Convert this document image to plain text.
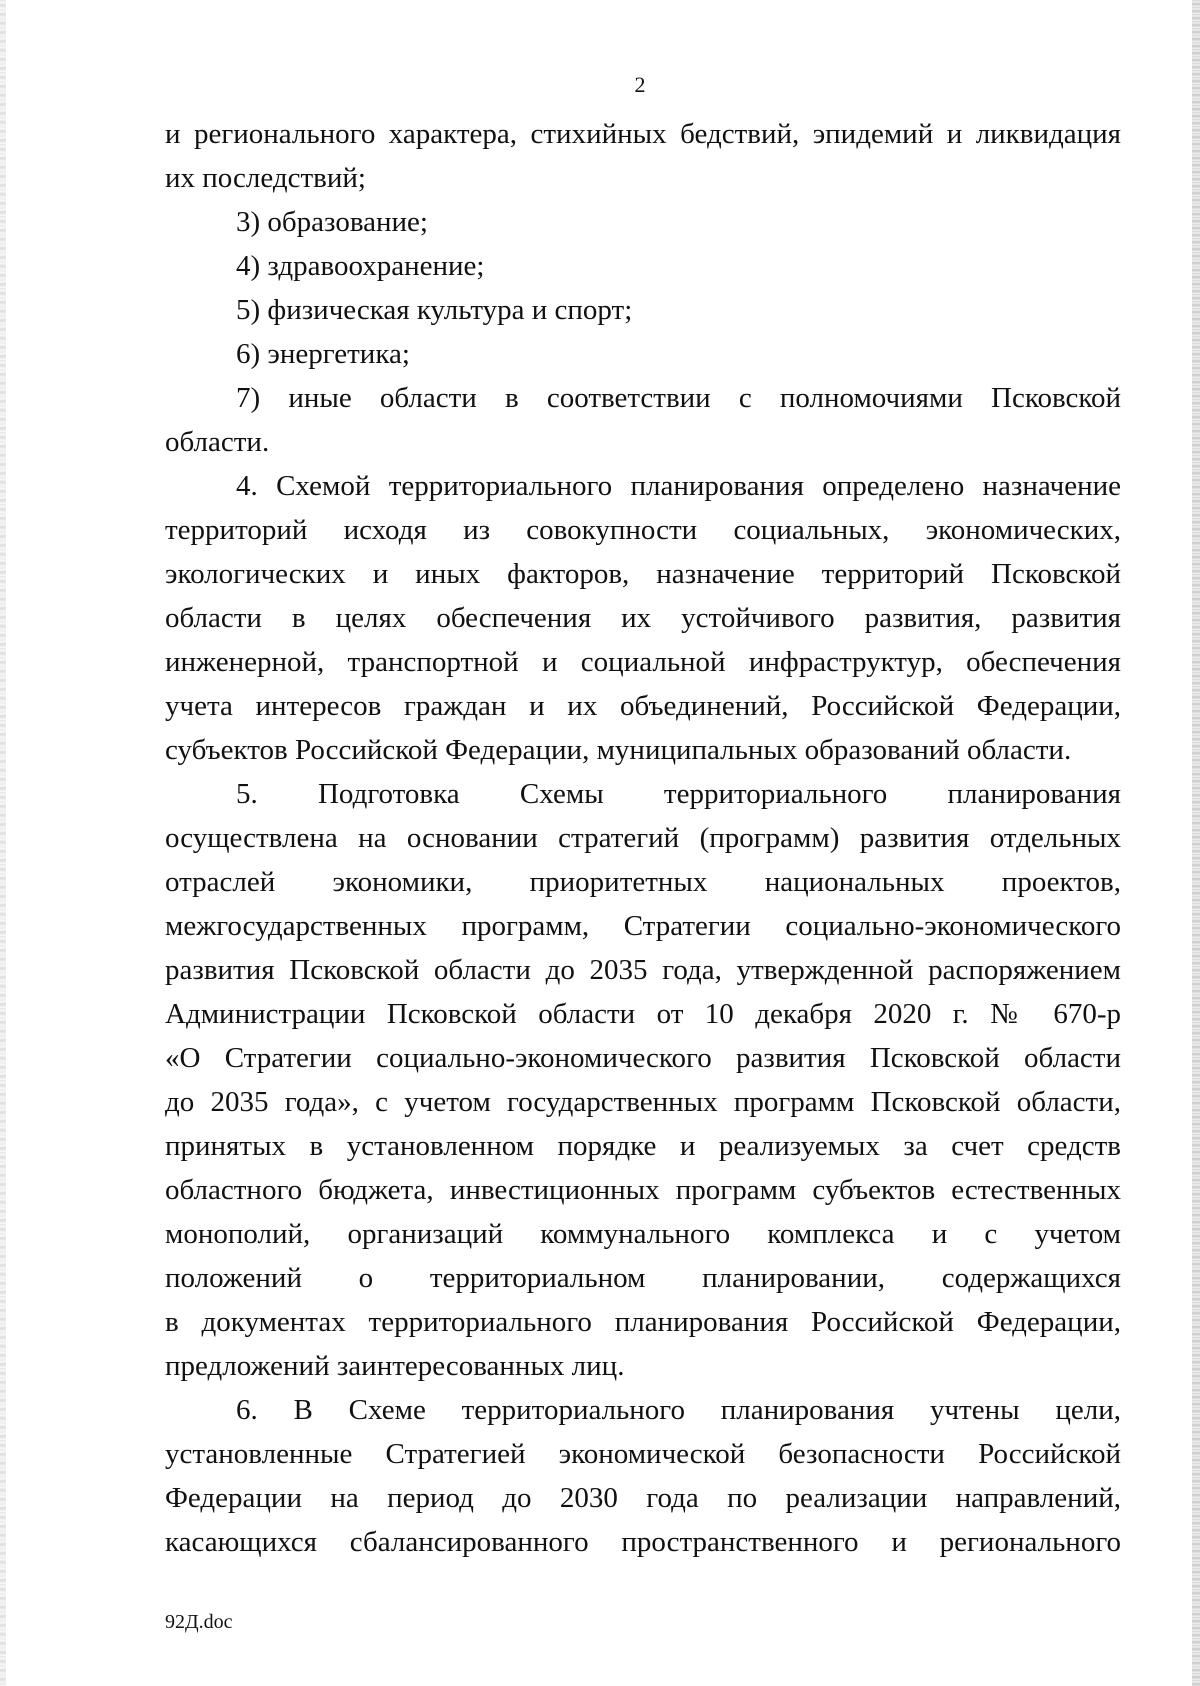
2
и регионального характера, стихийных бедствий, эпидемий и ликвидация
их последствий;
3) образование;
4) здравоохранение;
5) физическая культура и спорт;
6) энергетика;
7) иные области в соответствии с полномочиями Псковской
области.
4. Схемой территориального планирования определено назначение
территорий исходя из совокупности социальных, экономических,
экологических и иных факторов, назначение территорий Псковской
области в целях обеспечения их устойчивого развития, развития
инженерной, транспортной и социальной инфраструктур, обеспечения
учета интересов граждан и их объединений, Российской Федерации,
субъектов Российской Федерации, муниципальных образований области.
5. Подготовка Схемы территориального планирования
осуществлена на основании стратегий (программ) развития отдельных
отраслей экономики, приоритетных национальных проектов,
межгосударственных программ, Стратегии социально-экономического
развития Псковской области до 2035 года, утвержденной распоряжением
Администрации Псковской области от 10 декабря 2020 г. № 670-р
«О Стратегии социально-экономического развития Псковской области
до 2035 года», с учетом государственных программ Псковской области,
принятых в установленном порядке и реализуемых за счет средств
областного бюджета, инвестиционных программ субъектов естественных
монополий, организаций коммунального комплекса и с учетом
положений о территориальном планировании, содержащихся
в документах территориального планирования Российской Федерации,
предложений заинтересованных лиц.
6. В Схеме территориального планирования учтены цели,
установленные Стратегией экономической безопасности Российской
Федерации на период до 2030 года по реализации направлений,
касающихся сбалансированного пространственного и регионального
92Д.doc
